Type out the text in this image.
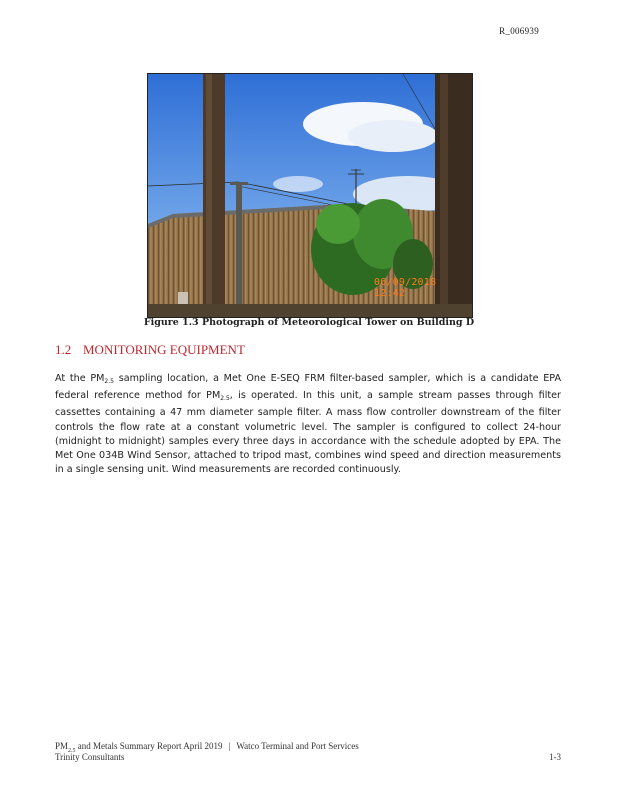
R_006939
06/09/2018 12:42
Figure 1.3 Photograph of Meteorological Tower on Building D
1.2 MONITORING EQUIPMENT
At the $PM_{2.5}$ sampling location, a Met One E-SEQ FRM filter-based sampler, which is a candidate EPA federal reference method for $PM_{2.5}$, is operated. In this unit, a sample stream passes through filter cassettes containing a 47 mm diameter sample filter. A mass flow controller downstream of the filter controls the flow rate at a constant volumetric level. The sampler is configured to collect 24-hour (midnight to midnight) samples every three days in accordance with the schedule adopted by EPA. The Met One 034B Wind Sensor, attached to tripod mast, combines wind speed and direction measurements in a single sensing unit. Wind measurements are recorded continuously.
$PM_{2.5}$ and Metals Summary Report April 2019 | Watco Terminal and Port Services
Trinity Consultants	1-3
